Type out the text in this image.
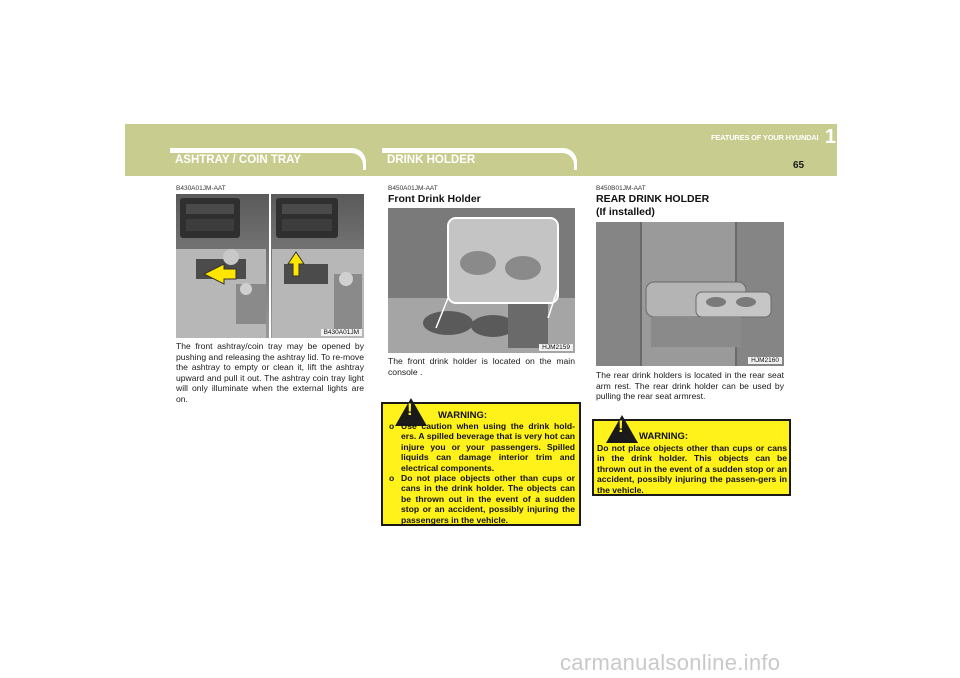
ASHTRAY / COIN TRAY	DRINK HOLDER
FEATURES OF YOUR HYUNDAI 1
65
B430A01JM-AAT
B430A01JM
The front ashtray/coin tray may be opened by pushing and releasing the ashtray lid. To re-move the ashtray to empty or clean it, lift the ashtray upward and pull it out. The ashtray coin tray light will only illuminate when the external lights are on.
B450A01JM-AAT
Front Drink Holder
HJM2159
The front drink holder is located on the main console .
!	WARNING:
o Use caution when using the drink hold-ers. A spilled beverage that is very hot can injure you or your passengers. Spilled liquids can damage interior trim and electrical components.
o Do not place objects other than cups or cans in the drink holder. The objects can be thrown out in the event of a sudden stop or an accident, possibly injuring the passengers in the vehicle.
B450B01JM-AAT
REAR DRINK HOLDER
(If installed)
HJM2160
The rear drink holders is located in the rear seat arm rest. The rear drink holder can be used by pulling the rear seat armrest.
!
WARNING:
Do not place objects other than cups or cans in the drink holder. This objects can be thrown out in the event of a sudden stop or an accident, possibly injuring the passen-gers in the vehicle.
carmanualsonline.info
